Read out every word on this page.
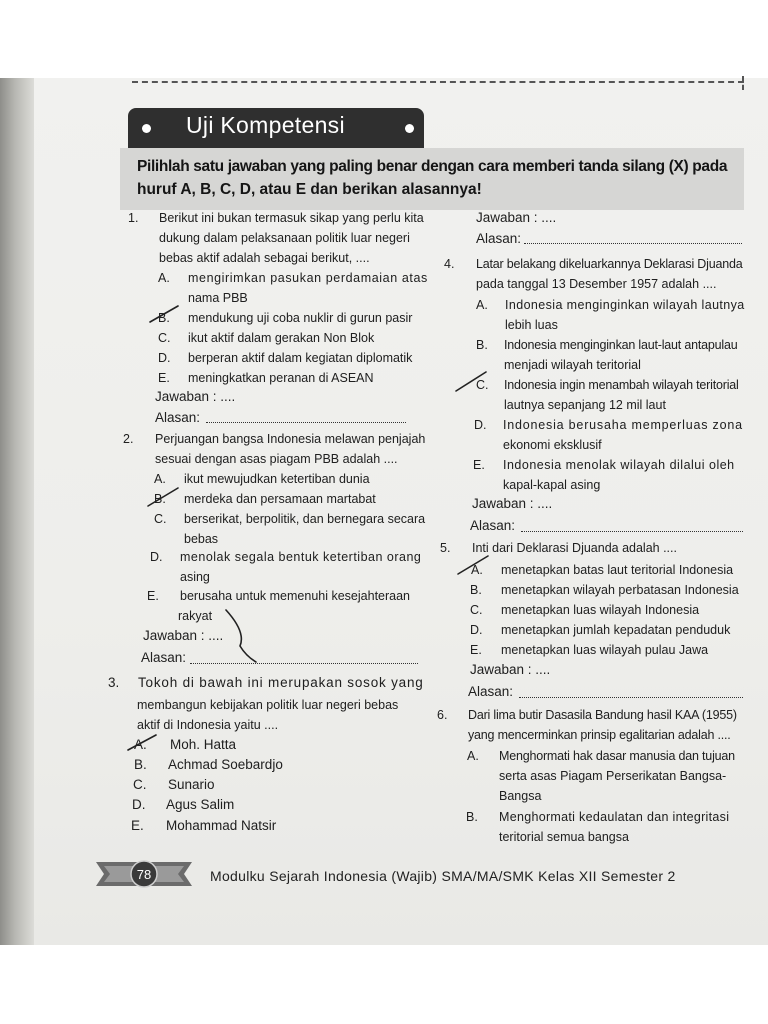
Uji Kompetensi
Pilihlah satu jawaban yang paling benar dengan cara memberi tanda silang (X) pada
huruf A, B, C, D, atau E dan berikan alasannya!
1. Berikut ini bukan termasuk sikap yang perlu kita
dukung dalam pelaksanaan politik luar negeri
bebas aktif adalah sebagai berikut, ....
A. mengirimkan pasukan perdamaian atas
nama PBB
B. mendukung uji coba nuklir di gurun pasir
C. ikut aktif dalam gerakan Non Blok
D. berperan aktif dalam kegiatan diplomatik
E. meningkatkan peranan di ASEAN
Jawaban : ....
Alasan:
2. Perjuangan bangsa Indonesia melawan penjajah
sesuai dengan asas piagam PBB adalah ....
A. ikut mewujudkan ketertiban dunia
B. merdeka dan persamaan martabat
C. berserikat, berpolitik, dan bernegara secara
bebas
D. menolak segala bentuk ketertiban orang
asing
E. berusaha untuk memenuhi kesejahteraan
rakyat
Jawaban : ....
Alasan:
3. Tokoh di bawah ini merupakan sosok yang
membangun kebijakan politik luar negeri bebas
aktif di Indonesia yaitu ....
A. Moh. Hatta
B. Achmad Soebardjo
C. Sunario
D. Agus Salim
E. Mohammad Natsir
Jawaban : ....
Alasan:
4. Latar belakang dikeluarkannya Deklarasi Djuanda
pada tanggal 13 Desember 1957 adalah ....
A. Indonesia menginginkan wilayah lautnya
lebih luas
B. Indonesia menginginkan laut-laut antapulau
menjadi wilayah teritorial
C. Indonesia ingin menambah wilayah teritorial
lautnya sepanjang 12 mil laut
D. Indonesia berusaha memperluas zona
ekonomi eksklusif
E. Indonesia menolak wilayah dilalui oleh
kapal-kapal asing
Jawaban : ....
Alasan:
5. Inti dari Deklarasi Djuanda adalah ....
A. menetapkan batas laut teritorial Indonesia
B. menetapkan wilayah perbatasan Indonesia
C. menetapkan luas wilayah Indonesia
D. menetapkan jumlah kepadatan penduduk
E. menetapkan luas wilayah pulau Jawa
Jawaban : ....
Alasan:
6. Dari lima butir Dasasila Bandung hasil KAA (1955)
yang mencerminkan prinsip egalitarian adalah ....
A. Menghormati hak dasar manusia dan tujuan
serta asas Piagam Perserikatan Bangsa-
Bangsa
B. Menghormati kedaulatan dan integritasi
teritorial semua bangsa
78	Modulku Sejarah Indonesia (Wajib) SMA/MA/SMK Kelas XII Semester 2
